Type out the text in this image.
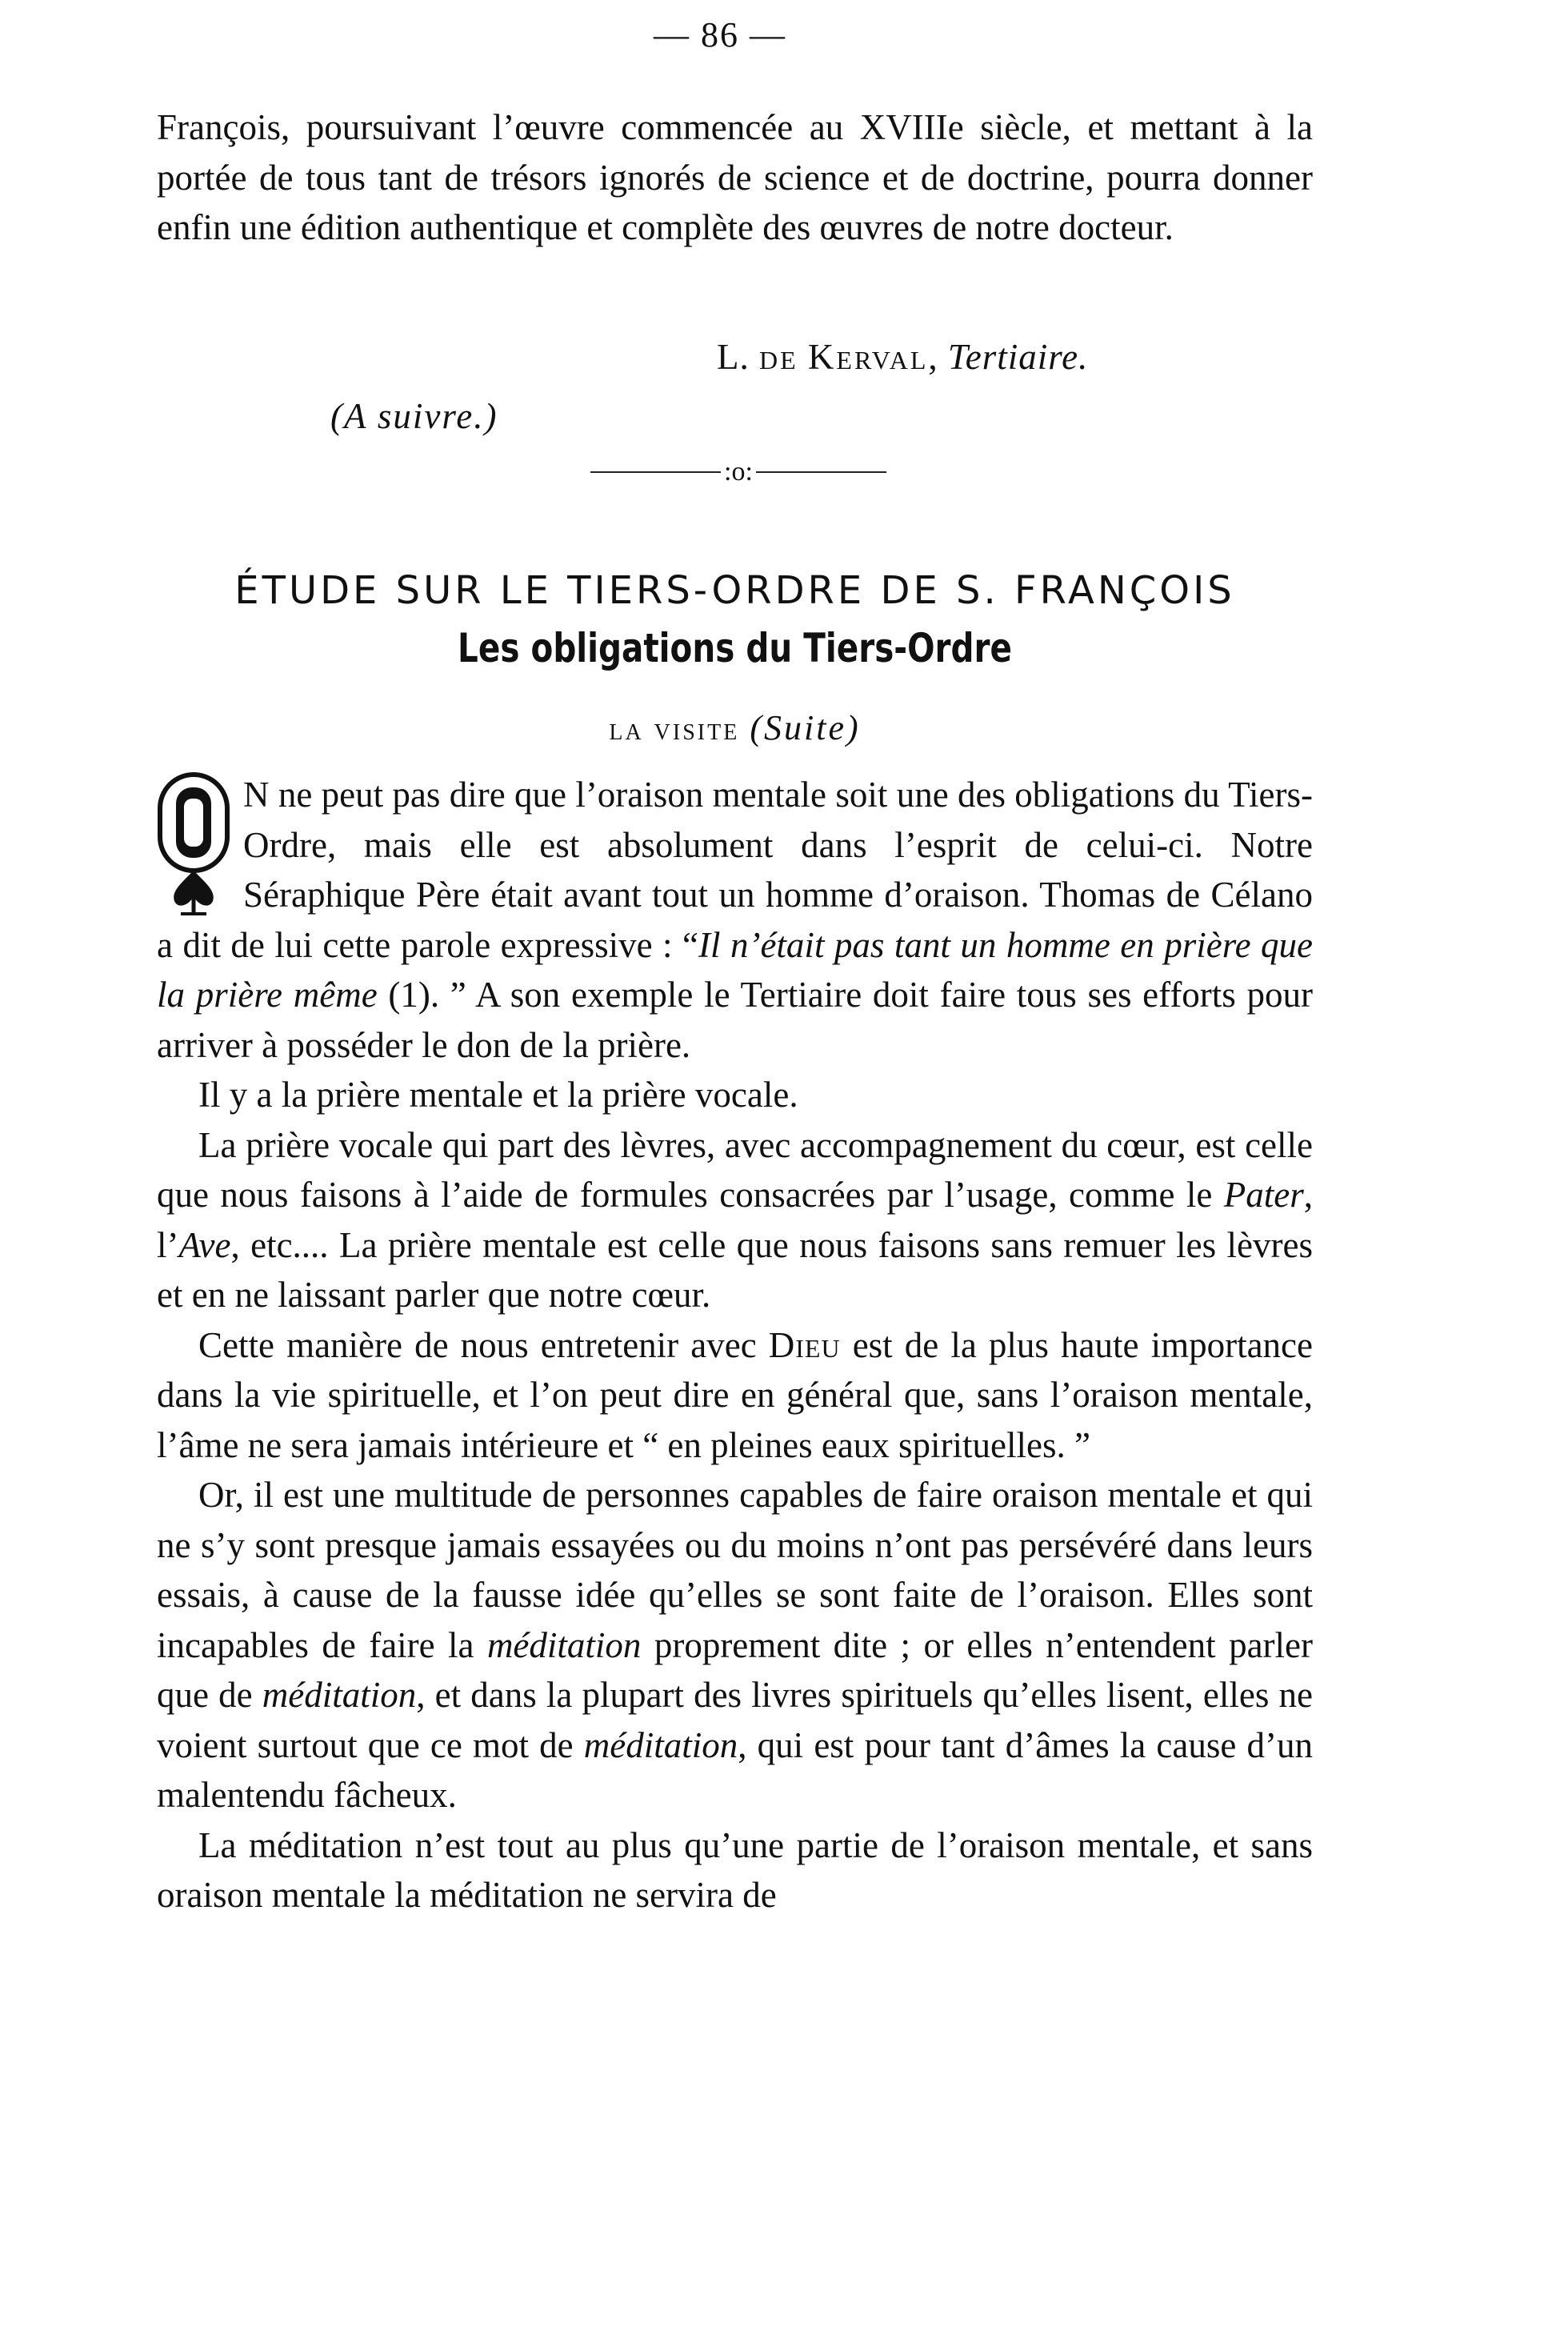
— 86 —

François, poursuivant l’œuvre commencée au XVIIIe siècle, et mettant à la portée de tous tant de trésors ignorés de science et de doctrine, pourra donner enfin une édition authentique et complète des œuvres de notre docteur.

L. de Kerval, Tertiaire.
(A suivre.)
:o:
ÉTUDE SUR LE TIERS-ORDRE DE S. FRANÇOIS
Les obligations du Tiers-Ordre
la visite (Suite)

N ne peut pas dire que l’oraison mentale soit une des obligations du Tiers-Ordre, mais elle est absolument dans l’esprit de celui-ci. Notre Séraphique Père était avant tout un homme d’oraison. Thomas de Célano a dit de lui cette parole expressive : “Il n’était pas tant un homme en prière que la prière même (1). ” A son exemple le Tertiaire doit faire tous ses efforts pour arriver à posséder le don de la prière.

Il y a la prière mentale et la prière vocale.

La prière vocale qui part des lèvres, avec accompagnement du cœur, est celle que nous faisons à l’aide de formules consacrées par l’usage, comme le Pater, l’Ave, etc.... La prière mentale est celle que nous faisons sans remuer les lèvres et en ne laissant parler que notre cœur.

Cette manière de nous entretenir avec Dieu est de la plus haute importance dans la vie spirituelle, et l’on peut dire en général que, sans l’oraison mentale, l’âme ne sera jamais intérieure et “ en pleines eaux spirituelles. ”

Or, il est une multitude de personnes capables de faire oraison mentale et qui ne s’y sont presque jamais essayées ou du moins n’ont pas persévéré dans leurs essais, à cause de la fausse idée qu’elles se sont faite de l’oraison. Elles sont incapables de faire la méditation proprement dite ; or elles n’entendent parler que de méditation, et dans la plupart des livres spirituels qu’elles lisent, elles ne voient surtout que ce mot de méditation, qui est pour tant d’âmes la cause d’un malentendu fâcheux.

La méditation n’est tout au plus qu’une partie de l’oraison mentale, et sans oraison mentale la méditation ne servira de
